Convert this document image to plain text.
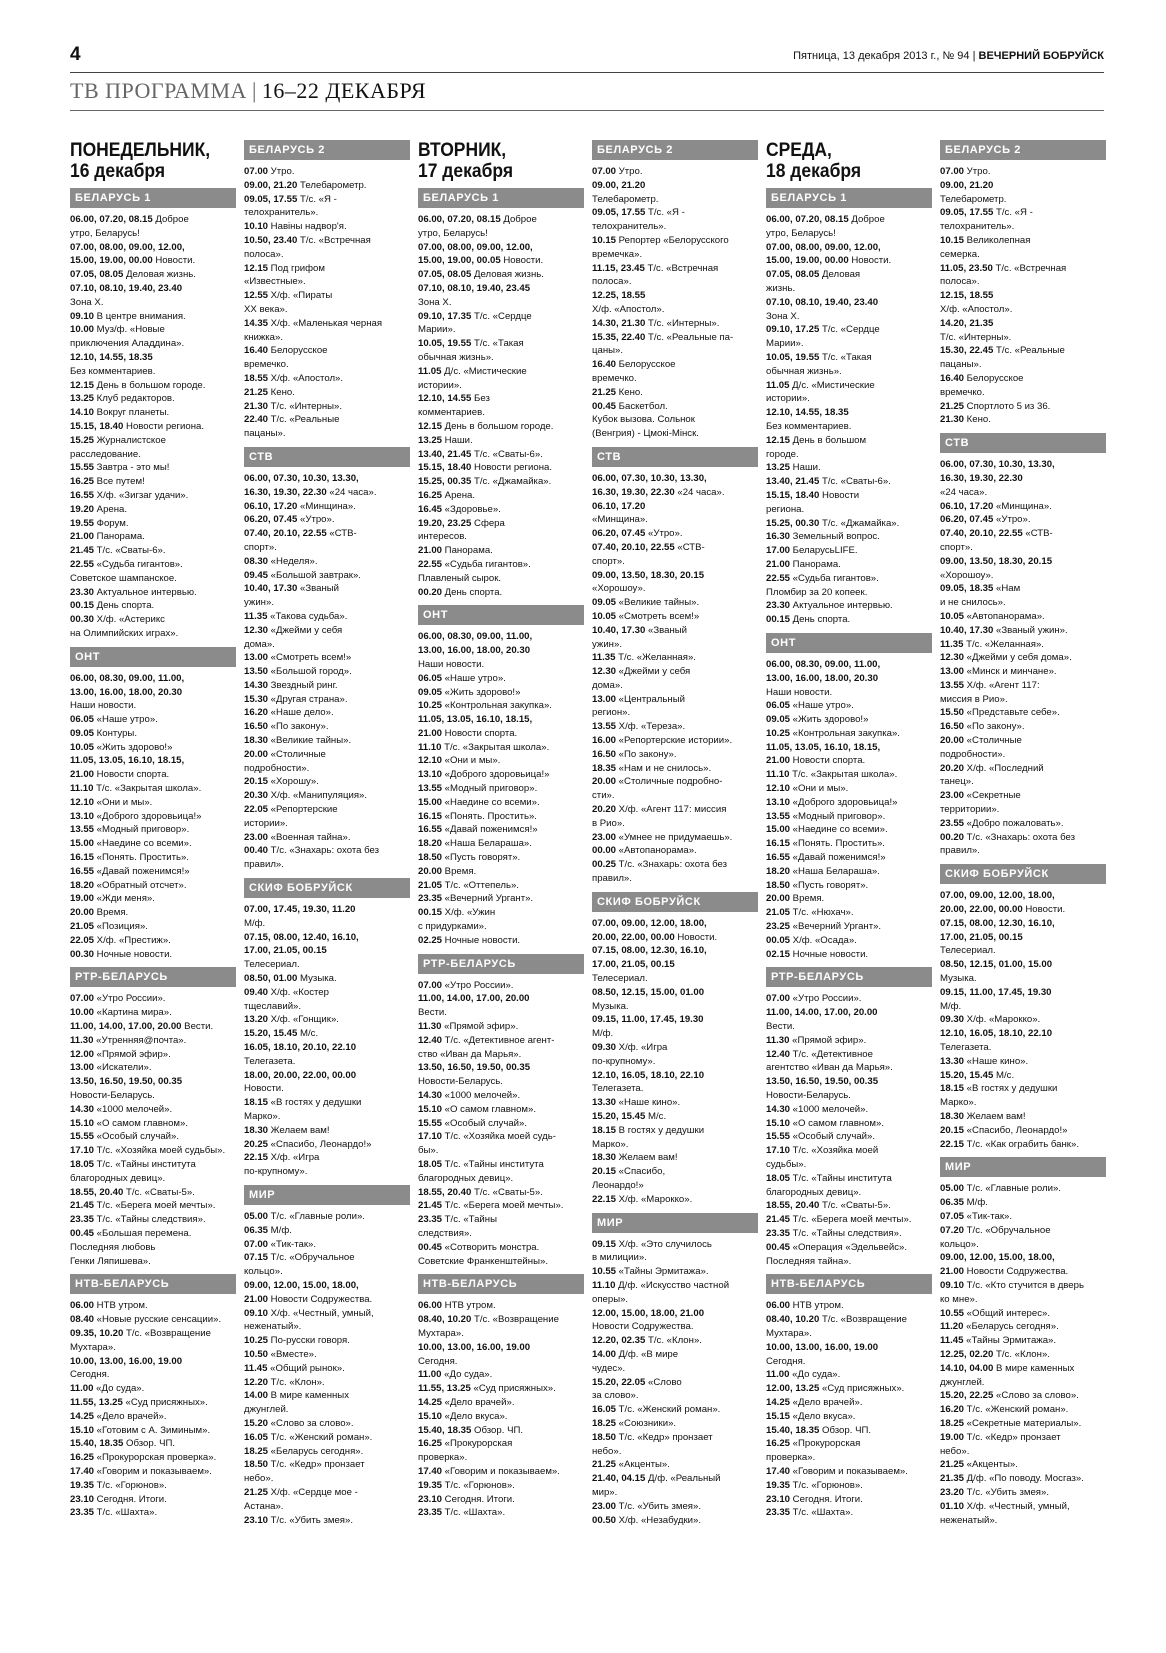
4	Пятница, 13 декабря 2013 г., № 94 | ВЕЧЕРНИЙ БОБРУЙСК
ТВ ПРОГРАММА | 16–22 ДЕКАБРЯ
ПОНЕДЕЛЬНИК,
16 декабря
БЕЛАРУСЬ 1
06.00, 07.20, 08.15 Доброе
утро, Беларусь!
07.00, 08.00, 09.00, 12.00,
15.00, 19.00, 00.00 Новости.
07.05, 08.05 Деловая жизнь.
07.10, 08.10, 19.40, 23.40
Зона Х.
09.10 В центре внимания.
10.00 Муз/ф. «Новые
приключения Аладдина».
12.10, 14.55, 18.35
Без комментариев.
12.15 День в большом городе.
13.25 Клуб редакторов.
14.10 Вокруг планеты.
15.15, 18.40 Новости региона.
15.25 Журналистское
расследование.
15.55 Завтра - это мы!
16.25 Все путем!
16.55 Х/ф. «Зигзаг удачи».
19.20 Арена.
19.55 Форум.
21.00 Панорама.
21.45 Т/с. «Сваты-6».
22.55 «Судьба гигантов».
Советское шампанское.
23.30 Актуальное интервью.
00.15 День спорта.
00.30 Х/ф. «Астерикс
на Олимпийских играх».
ОНТ
06.00, 08.30, 09.00, 11.00,
13.00, 16.00, 18.00, 20.30
Наши новости.
06.05 «Наше утро».
09.05 Контуры.
10.05 «Жить здорово!»
11.05, 13.05, 16.10, 18.15,
21.00 Новости спорта.
11.10 Т/с. «Закрытая школа».
12.10 «Они и мы».
13.10 «Доброго здоровьица!»
13.55 «Модный приговор».
15.00 «Наедине со всеми».
16.15 «Понять. Простить».
16.55 «Давай поженимся!»
18.20 «Обратный отсчет».
19.00 «Жди меня».
20.00 Время.
21.05 «Позиция».
22.05 Х/ф. «Престиж».
00.30 Ночные новости.
РТР-БЕЛАРУСЬ
07.00 «Утро России».
10.00 «Картина мира».
11.00, 14.00, 17.00, 20.00 Вести.
11.30 «Утренняя@почта».
12.00 «Прямой эфир».
13.00 «Искатели».
13.50, 16.50, 19.50, 00.35
Новости-Беларусь.
14.30 «1000 мелочей».
15.10 «О самом главном».
15.55 «Особый случай».
17.10 Т/с. «Хозяйка моей судьбы».
18.05 Т/с. «Тайны института
благородных девиц».
18.55, 20.40 Т/с. «Сваты-5».
21.45 Т/с. «Берега моей мечты».
23.35 Т/с. «Тайны следствия».
00.45 «Большая перемена.
Последняя любовь
Генки Ляпишева».
НТВ-БЕЛАРУСЬ
06.00 НТВ утром.
08.40 «Новые русские сенсации».
09.35, 10.20 Т/с. «Возвращение
Мухтара».
10.00, 13.00, 16.00, 19.00
Сегодня.
11.00 «До суда».
11.55, 13.25 «Суд присяжных».
14.25 «Дело врачей».
15.10 «Готовим с А. Зиминым».
15.40, 18.35 Обзор. ЧП.
16.25 «Прокурорская проверка».
17.40 «Говорим и показываем».
19.35 Т/с. «Горюнов».
23.10 Сегодня. Итоги.
23.35 Т/с. «Шахта».
БЕЛАРУСЬ 2
07.00 Утро.
09.00, 21.20 Телебарометр.
09.05, 17.55 Т/с. «Я -
телохранитель».
10.10 Навіны надвор'я.
10.50, 23.40 Т/с. «Встречная
полоса».
12.15 Под грифом
«Известные».
12.55 Х/ф. «Пираты
XX века».
14.35 Х/ф. «Маленькая черная
книжка».
16.40 Белорусское
времечко.
18.55 Х/ф. «Апостол».
21.25 Кено.
21.30 Т/с. «Интерны».
22.40 Т/с. «Реальные
пацаны».
СТВ
06.00, 07.30, 10.30, 13.30,
16.30, 19.30, 22.30 «24 часа».
06.10, 17.20 «Минщина».
06.20, 07.45 «Утро».
07.40, 20.10, 22.55 «СТВ-
спорт».
08.30 «Неделя».
09.45 «Большой завтрак».
10.40, 17.30 «Званый
ужин».
11.35 «Такова судьба».
12.30 «Джейми у себя
дома».
13.00 «Смотреть всем!»
13.50 «Большой город».
14.30 Звездный ринг.
15.30 «Другая страна».
16.20 «Наше дело».
16.50 «По закону».
18.30 «Великие тайны».
20.00 «Столичные
подробности».
20.15 «Хорошу».
20.30 Х/ф. «Манипуляция».
22.05 «Репортерские
истории».
23.00 «Военная тайна».
00.40 Т/с. «Знахарь: охота без
правил».
СКИФ БОБРУЙСК
07.00, 17.45, 19.30, 11.20
М/ф.
07.15, 08.00, 12.40, 16.10,
17.00, 21.05, 00.15
Телесериал.
08.50, 01.00 Музыка.
09.40 Х/ф. «Костер
тщеславий».
13.20 Х/ф. «Гонщик».
15.20, 15.45 М/с.
16.05, 18.10, 20.10, 22.10
Телегазета.
18.00, 20.00, 22.00, 00.00
Новости.
18.15 «В гостях у дедушки
Марко».
18.30 Желаем вам!
20.25 «Спасибо, Леонардо!»
22.15 Х/ф. «Игра
по-крупному».
МИР
05.00 Т/с. «Главные роли».
06.35 М/ф.
07.00 «Тик-так».
07.15 Т/с. «Обручальное
кольцо».
09.00, 12.00, 15.00, 18.00,
21.00 Новости Содружества.
09.10 Х/ф. «Честный, умный,
неженатый».
10.25 По-русски говоря.
10.50 «Вместе».
11.45 «Общий рынок».
12.20 Т/с. «Клон».
14.00 В мире каменных
джунглей.
15.20 «Слово за слово».
16.05 Т/с. «Женский роман».
18.25 «Беларусь сегодня».
18.50 Т/с. «Кедр» пронзает
небо».
21.25 Х/ф. «Сердце мое -
Астана».
23.10 Т/с. «Убить змея».
ВТОРНИК,
17 декабря
БЕЛАРУСЬ 1
06.00, 07.20, 08.15 Доброе
утро, Беларусь!
07.00, 08.00, 09.00, 12.00,
15.00, 19.00, 00.05 Новости.
07.05, 08.05 Деловая жизнь.
07.10, 08.10, 19.40, 23.45
Зона Х.
09.10, 17.35 Т/с. «Сердце
Марии».
10.05, 19.55 Т/с. «Такая
обычная жизнь».
11.05 Д/с. «Мистические
истории».
12.10, 14.55 Без
комментариев.
12.15 День в большом городе.
13.25 Наши.
13.40, 21.45 Т/с. «Сваты-6».
15.15, 18.40 Новости региона.
15.25, 00.35 Т/с. «Джамайка».
16.25 Арена.
16.45 «Здоровье».
19.20, 23.25 Сфера
интересов.
21.00 Панорама.
22.55 «Судьба гигантов».
Плавленый сырок.
00.20 День спорта.
ОНТ
06.00, 08.30, 09.00, 11.00,
13.00, 16.00, 18.00, 20.30
Наши новости.
06.05 «Наше утро».
09.05 «Жить здорово!»
10.25 «Контрольная закупка».
11.05, 13.05, 16.10, 18.15,
21.00 Новости спорта.
11.10 Т/с. «Закрытая школа».
12.10 «Они и мы».
13.10 «Доброго здоровьица!»
13.55 «Модный приговор».
15.00 «Наедине со всеми».
16.15 «Понять. Простить».
16.55 «Давай поженимся!»
18.20 «Наша Белараша».
18.50 «Пусть говорят».
20.00 Время.
21.05 Т/с. «Оттепель».
23.35 «Вечерний Ургант».
00.15 Х/ф. «Ужин
с придурками».
02.25 Ночные новости.
РТР-БЕЛАРУСЬ
07.00 «Утро России».
11.00, 14.00, 17.00, 20.00
Вести.
11.30 «Прямой эфир».
12.40 Т/с. «Детективное агент-
ство «Иван да Марья».
13.50, 16.50, 19.50, 00.35
Новости-Беларусь.
14.30 «1000 мелочей».
15.10 «О самом главном».
15.55 «Особый случай».
17.10 Т/с. «Хозяйка моей судь-
бы».
18.05 Т/с. «Тайны института
благородных девиц».
18.55, 20.40 Т/с. «Сваты-5».
21.45 Т/с. «Берега моей мечты».
23.35 Т/с. «Тайны
следствия».
00.45 «Сотворить монстра.
Советские Франкенштейны».
НТВ-БЕЛАРУСЬ
06.00 НТВ утром.
08.40, 10.20 Т/с. «Возвращение
Мухтара».
10.00, 13.00, 16.00, 19.00
Сегодня.
11.00 «До суда».
11.55, 13.25 «Суд присяжных».
14.25 «Дело врачей».
15.10 «Дело вкуса».
15.40, 18.35 Обзор. ЧП.
16.25 «Прокурорская
проверка».
17.40 «Говорим и показываем».
19.35 Т/с. «Горюнов».
23.10 Сегодня. Итоги.
23.35 Т/с. «Шахта».
БЕЛАРУСЬ 2
07.00 Утро.
09.00, 21.20
Телебарометр.
09.05, 17.55 Т/с. «Я -
телохранитель».
10.15 Репортер «Белорусского
времечка».
11.15, 23.45 Т/с. «Встречная
полоса».
12.25, 18.55
Х/ф. «Апостол».
14.30, 21.30 Т/с. «Интерны».
15.35, 22.40 Т/с. «Реальные па-
цаны».
16.40 Белорусское
времечко.
21.25 Кено.
00.45 Баскетбол.
Кубок вызова. Сольнок
(Венгрия) - Цмокі-Мінск.
СТВ
06.00, 07.30, 10.30, 13.30,
16.30, 19.30, 22.30 «24 часа».
06.10, 17.20
«Минщина».
06.20, 07.45 «Утро».
07.40, 20.10, 22.55 «СТВ-
спорт».
09.00, 13.50, 18.30, 20.15
«Хорошоу».
09.05 «Великие тайны».
10.05 «Смотреть всем!»
10.40, 17.30 «Званый
ужин».
11.35 Т/с. «Желанная».
12.30 «Джейми у себя
дома».
13.00 «Центральный
регион».
13.55 Х/ф. «Тереза».
16.00 «Репортерские истории».
16.50 «По закону».
18.35 «Нам и не снилось».
20.00 «Столичные подробно-
сти».
20.20 Х/ф. «Агент 117: миссия
в Рио».
23.00 «Умнее не придумаешь».
00.00 «Автопанорама».
00.25 Т/с. «Знахарь: охота без
правил».
СКИФ БОБРУЙСК
07.00, 09.00, 12.00, 18.00,
20.00, 22.00, 00.00 Новости.
07.15, 08.00, 12.30, 16.10,
17.00, 21.05, 00.15
Телесериал.
08.50, 12.15, 15.00, 01.00
Музыка.
09.15, 11.00, 17.45, 19.30
М/ф.
09.30 Х/ф. «Игра
по-крупному».
12.10, 16.05, 18.10, 22.10
Телегазета.
13.30 «Наше кино».
15.20, 15.45 М/с.
18.15 В гостях у дедушки
Марко».
18.30 Желаем вам!
20.15 «Спасибо,
Леонардо!»
22.15 Х/ф. «Марокко».
МИР
09.15 Х/ф. «Это случилось
в милиции».
10.55 «Тайны Эрмитажа».
11.10 Д/ф. «Искусство частной
оперы».
12.00, 15.00, 18.00, 21.00
Новости Содружества.
12.20, 02.35 Т/с. «Клон».
14.00 Д/ф. «В мире
чудес».
15.20, 22.05 «Слово
за слово».
16.05 Т/с. «Женский роман».
18.25 «Союзники».
18.50 Т/с. «Кедр» пронзает
небо».
21.25 «Акценты».
21.40, 04.15 Д/ф. «Реальный
мир».
23.00 Т/с. «Убить змея».
00.50 Х/ф. «Незабудки».
СРЕДА,
18 декабря
БЕЛАРУСЬ 1
06.00, 07.20, 08.15 Доброе
утро, Беларусь!
07.00, 08.00, 09.00, 12.00,
15.00, 19.00, 00.00 Новости.
07.05, 08.05 Деловая
жизнь.
07.10, 08.10, 19.40, 23.40
Зона Х.
09.10, 17.25 Т/с. «Сердце
Марии».
10.05, 19.55 Т/с. «Такая
обычная жизнь».
11.05 Д/с. «Мистические
истории».
12.10, 14.55, 18.35
Без комментариев.
12.15 День в большом
городе.
13.25 Наши.
13.40, 21.45 Т/с. «Сваты-6».
15.15, 18.40 Новости
региона.
15.25, 00.30 Т/с. «Джамайка».
16.30 Земельный вопрос.
17.00 БеларусьLIFE.
21.00 Панорама.
22.55 «Судьба гигантов».
Пломбир за 20 копеек.
23.30 Актуальное интервью.
00.15 День спорта.
ОНТ
06.00, 08.30, 09.00, 11.00,
13.00, 16.00, 18.00, 20.30
Наши новости.
06.05 «Наше утро».
09.05 «Жить здорово!»
10.25 «Контрольная закупка».
11.05, 13.05, 16.10, 18.15,
21.00 Новости спорта.
11.10 Т/с. «Закрытая школа».
12.10 «Они и мы».
13.10 «Доброго здоровьица!»
13.55 «Модный приговор».
15.00 «Наедине со всеми».
16.15 «Понять. Простить».
16.55 «Давай поженимся!»
18.20 «Наша Белараша».
18.50 «Пусть говорят».
20.00 Время.
21.05 Т/с. «Нюхач».
23.25 «Вечерний Ургант».
00.05 Х/ф. «Осада».
02.15 Ночные новости.
РТР-БЕЛАРУСЬ
07.00 «Утро России».
11.00, 14.00, 17.00, 20.00
Вести.
11.30 «Прямой эфир».
12.40 Т/с. «Детективное
агентство «Иван да Марья».
13.50, 16.50, 19.50, 00.35
Новости-Беларусь.
14.30 «1000 мелочей».
15.10 «О самом главном».
15.55 «Особый случай».
17.10 Т/с. «Хозяйка моей
судьбы».
18.05 Т/с. «Тайны института
благородных девиц».
18.55, 20.40 Т/с. «Сваты-5».
21.45 Т/с. «Берега моей мечты».
23.35 Т/с. «Тайны следствия».
00.45 «Операция «Эдельвейс».
Последняя тайна».
НТВ-БЕЛАРУСЬ
06.00 НТВ утром.
08.40, 10.20 Т/с. «Возвращение
Мухтара».
10.00, 13.00, 16.00, 19.00
Сегодня.
11.00 «До суда».
12.00, 13.25 «Суд присяжных».
14.25 «Дело врачей».
15.15 «Дело вкуса».
15.40, 18.35 Обзор. ЧП.
16.25 «Прокурорская
проверка».
17.40 «Говорим и показываем».
19.35 Т/с. «Горюнов».
23.10 Сегодня. Итоги.
23.35 Т/с. «Шахта».
БЕЛАРУСЬ 2
07.00 Утро.
09.00, 21.20
Телебарометр.
09.05, 17.55 Т/с. «Я -
телохранитель».
10.15 Великолепная
семерка.
11.05, 23.50 Т/с. «Встречная
полоса».
12.15, 18.55
Х/ф. «Апостол».
14.20, 21.35
Т/с. «Интерны».
15.30, 22.45 Т/с. «Реальные
пацаны».
16.40 Белорусское
времечко.
21.25 Спортлото 5 из 36.
21.30 Кено.
СТВ
06.00, 07.30, 10.30, 13.30,
16.30, 19.30, 22.30
«24 часа».
06.10, 17.20 «Минщина».
06.20, 07.45 «Утро».
07.40, 20.10, 22.55 «СТВ-
спорт».
09.00, 13.50, 18.30, 20.15
«Хорошоу».
09.05, 18.35 «Нам
и не снилось».
10.05 «Автопанорама».
10.40, 17.30 «Званый ужин».
11.35 Т/с. «Желанная».
12.30 «Джейми у себя дома».
13.00 «Минск и минчане».
13.55 Х/ф. «Агент 117:
миссия в Рио».
15.50 «Представьте себе».
16.50 «По закону».
20.00 «Столичные
подробности».
20.20 Х/ф. «Последний
танец».
23.00 «Секретные
территории».
23.55 «Добро пожаловать».
00.20 Т/с. «Знахарь: охота без
правил».
СКИФ БОБРУЙСК
07.00, 09.00, 12.00, 18.00,
20.00, 22.00, 00.00 Новости.
07.15, 08.00, 12.30, 16.10,
17.00, 21.05, 00.15
Телесериал.
08.50, 12.15, 01.00, 15.00
Музыка.
09.15, 11.00, 17.45, 19.30
М/ф.
09.30 Х/ф. «Марокко».
12.10, 16.05, 18.10, 22.10
Телегазета.
13.30 «Наше кино».
15.20, 15.45 М/с.
18.15 «В гостях у дедушки
Марко».
18.30 Желаем вам!
20.15 «Спасибо, Леонардо!»
22.15 Т/с. «Как ограбить банк».
МИР
05.00 Т/с. «Главные роли».
06.35 М/ф.
07.05 «Тик-так».
07.20 Т/с. «Обручальное
кольцо».
09.00, 12.00, 15.00, 18.00,
21.00 Новости Содружества.
09.10 Т/с. «Кто стучится в дверь
ко мне».
10.55 «Общий интерес».
11.20 «Беларусь сегодня».
11.45 «Тайны Эрмитажа».
12.25, 02.20 Т/с. «Клон».
14.10, 04.00 В мире каменных
джунглей.
15.20, 22.25 «Слово за слово».
16.20 Т/с. «Женский роман».
18.25 «Секретные материалы».
19.00 Т/с. «Кедр» пронзает
небо».
21.25 «Акценты».
21.35 Д/ф. «По поводу. Мосгаз».
23.20 Т/с. «Убить змея».
01.10 Х/ф. «Честный, умный,
неженатый».
